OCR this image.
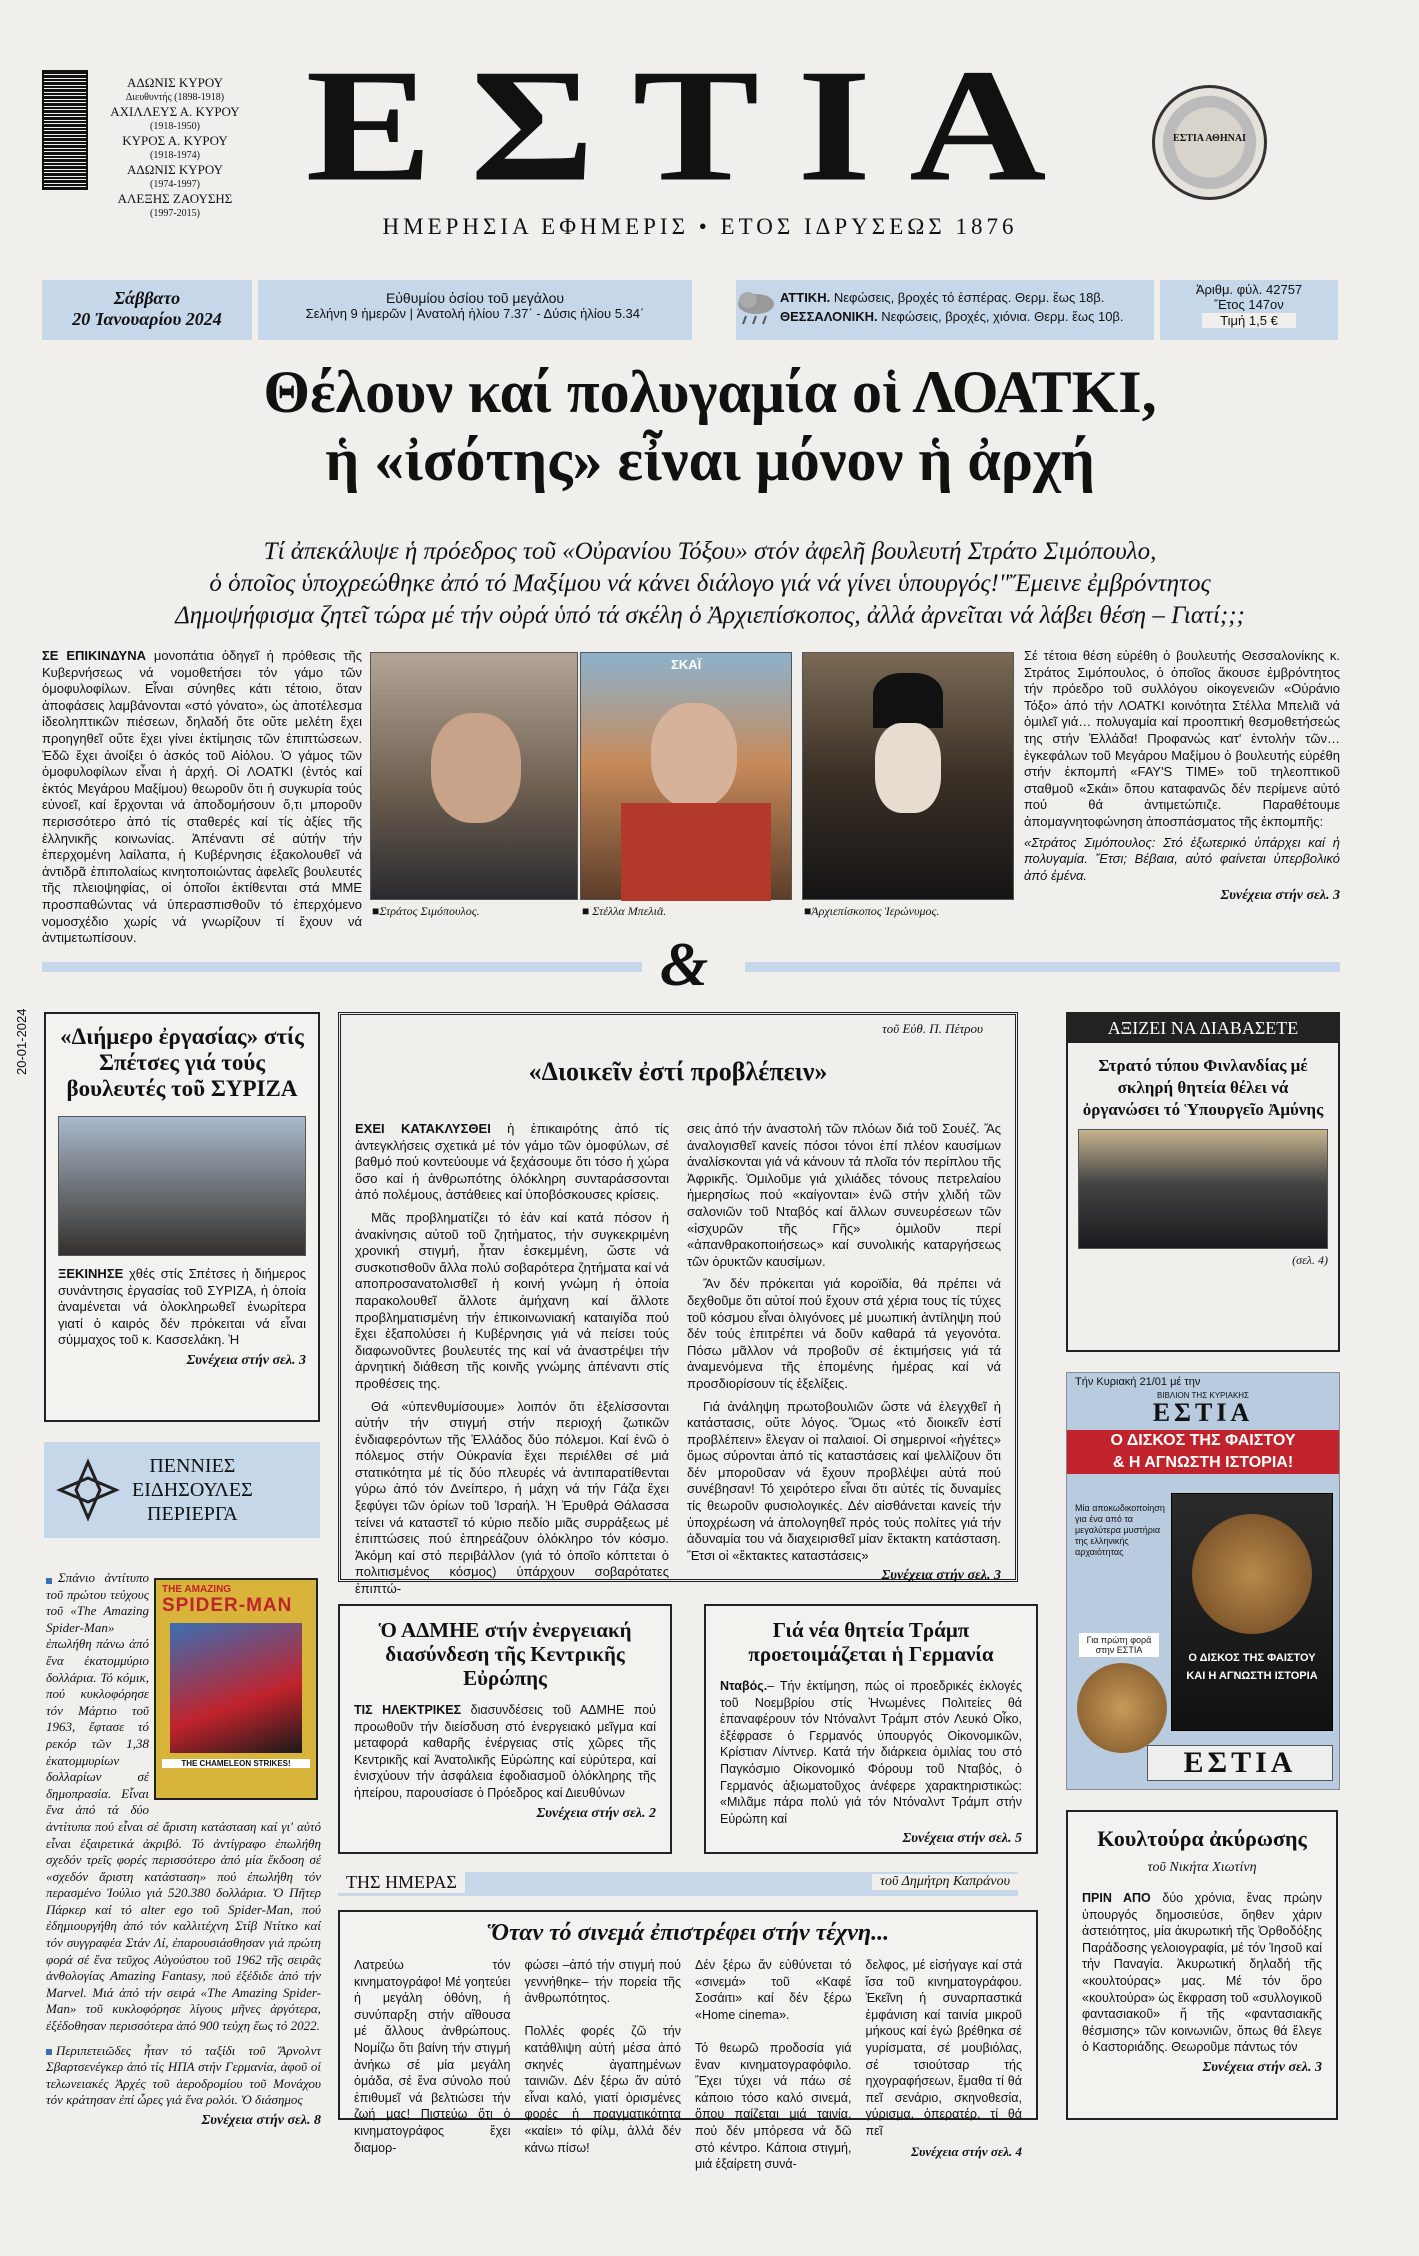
ΑΔΩΝΙΣ ΚΥΡΟΥ
Διευθυντής (1898-1918)
ΑΧΙΛΛΕΥΣ Α. ΚΥΡΟΥ
(1918-1950)
ΚΥΡΟΣ Α. ΚΥΡΟΥ
(1918-1974)
ΑΔΩΝΙΣ ΚΥΡΟΥ
(1974-1997)
ΑΛΕΞΗΣ ΖΑΟΥΣΗΣ
(1997-2015) ΕΣΤΙΑ
ΗΜΕΡΗΣΙΑ ΕΦΗΜΕΡΙΣ • ΕΤΟΣ ΙΔΡΥΣΕΩΣ 1876
ΕΣΤΙΑ ΑΘΗΝΑΙ
20-01-2024
Σάββατο
20 Ἰανουαρίου 2024
Εὐθυμίου ὁσίου τοῦ μεγάλου
Σελήνη 9 ἡμερῶν | Ἀνατολή ἡλίου 7.37΄ - Δύσις ἡλίου 5.34΄
ΑΤΤΙΚΗ. Νεφώσεις, βροχές τό ἑσπέρας. Θερμ. ἕως 18β.
ΘΕΣΣΑΛΟΝΙΚΗ. Νεφώσεις, βροχές, χιόνια. Θερμ. ἕως 10β.
Ἀριθμ. φύλ. 42757
Ἔτος 147ον
Τιμή 1,5 €
Θέλουν καί πολυγαμία οἱ ΛΟΑΤΚΙ,
ἡ «ἰσότης» εἶναι μόνον ἡ ἀρχή
Τί ἀπεκάλυψε ἡ πρόεδρος τοῦ «Οὐρανίου Τόξου» στόν ἀφελῆ βουλευτή Στράτο Σιμόπουλο,
ὁ ὁποῖος ὑποχρεώθηκε ἀπό τό Μαξίμου νά κάνει διάλογο γιά νά γίνει ὑπουργός!"Ἔμεινε ἐμβρόντητος
Δημοψήφισμα ζητεῖ τώρα μέ τήν οὐρά ὑπό τά σκέλη ὁ Ἀρχιεπίσκοπος, ἀλλά ἀρνεῖται νά λάβει θέση – Γιατί;;;
ΣΕ ΕΠΙΚΙΝΔΥΝΑ μονοπάτια ὁδηγεῖ ἡ πρόθεσις τῆς Κυβερνήσεως νά νομοθετήσει τόν γάμο τῶν ὁμοφυλοφίλων. Εἶναι σύνηθες κάτι τέτοιο, ὅταν ἀποφάσεις λαμβάνονται «στό γόνατο», ὡς ἀποτέλεσμα ἰδεοληπτικῶν πιέσεων, δηλαδή ὅτε οὔτε μελέτη ἔχει προηγηθεῖ οὔτε ἔχει γίνει ἐκτίμησις τῶν ἐπιπτώσεων. Ἐδῶ ἔχει ἀνοίξει ὁ ἀσκός τοῦ Αἰόλου. Ὁ γάμος τῶν ὁμοφυλοφίλων εἶναι ἡ ἀρχή. Οἱ ΛΟΑΤΚΙ (ἐντός καί ἐκτός Μεγάρου Μαξίμου) θεωροῦν ὅτι ἡ συγκυρία τούς εὐνοεῖ, καί ἔρχονται νά ἀποδομήσουν ὅ,τι μποροῦν περισσότερο ἀπό τίς σταθερές καί τίς ἀξίες τῆς ἑλληνικῆς κοινωνίας. Ἀπέναντι σέ αὐτήν τήν ἐπερχομένη λαίλαπα, ἡ Κυβέρνησις ἐξακολουθεῖ νά ἀντιδρᾶ ἐπιπολαίως κινητοποιώντας ἀφελεῖς βουλευτές τῆς πλειοψηφίας, οἱ ὁποῖοι ἐκτίθενται στά ΜΜΕ προσπαθώντας νά ὑπερασπισθοῦν τό ἐπερχόμενο νομοσχέδιο χωρίς νά γνωρίζουν τί ἔχουν νά ἀντιμετωπίσουν.
ΣΚΑΪ
■Στράτος Σιμόπουλος.	■ Στέλλα Μπελιᾶ.	■Ἀρχιεπίσκοπος Ἱερώνυμος.
Σέ τέτοια θέση εὑρέθη ὁ βουλευτής Θεσσαλονίκης κ. Στράτος Σιμόπουλος, ὁ ὁποῖος ἄκουσε ἐμβρόντητος τήν πρόεδρο τοῦ συλλόγου οἰκογενειῶν «Οὐράνιο Τόξο» ἀπό τήν ΛΟΑΤΚΙ κοινότητα Στέλλα Μπελιᾶ νά ὁμιλεῖ γιά… πολυγαμία καί προοπτική θεσμοθετήσεώς της στήν Ἑλλάδα! Προφανώς κατ' ἐντολήν τῶν… ἐγκεφάλων τοῦ Μεγάρου Μαξίμου ὁ βουλευτής εὑρέθη στήν ἐκπομπή «FAY'S TIME» τοῦ τηλεοπτικοῦ σταθμοῦ «Σκάι» ὅπου καταφανῶς δέν περίμενε αὐτό πού θά ἀντιμετώπιζε. Παραθέτουμε ἀπομαγνητοφώνηση ἀποσπάσματος τῆς ἐκπομπῆς:
«Στράτος Σιμόπουλος: Στό ἐξωτερικό ὑπάρχει καί ἡ πολυγαμία. Ἔτσι; Βέβαια, αὐτό φαίνεται ὑπερβολικό ἀπό ἐμένα.
Συνέχεια στήν σελ. 3
&
«Διήμερο ἐργασίας» στίς Σπέτσες γιά τούς βουλευτές τοῦ ΣΥΡΙΖΑ
ΞΕΚΙΝΗΣΕ χθές στίς Σπέτσες ἡ διήμερος συνάντησις ἐργασίας τοῦ ΣΥΡΙΖΑ, ἡ ὁποία ἀναμένεται νά ὁλοκληρωθεῖ ἐνωρίτερα γιατί ὁ καιρός δέν πρόκειται νά εἶναι σύμμαχος τοῦ κ. Κασσελάκη. Ἡ
Συνέχεια στήν σελ. 3
τοῦ Εὐθ. Π. Πέτρου
«Διοικεῖν ἐστί προβλέπειν»
ΕΧΕΙ ΚΑΤΑΚΛΥΣΘΕΙ ἡ ἐπικαιρότης ἀπό τίς ἀντεγκλήσεις σχετικά μέ τόν γάμο τῶν ὁμοφύλων, σέ βαθμό πού κοντεύουμε νά ξεχάσουμε ὅτι τόσο ἡ χώρα ὅσο καί ἡ ἀνθρωπότης ὁλόκληρη συνταράσσονται ἀπό πολέμους, ἀστάθειες καί ὑποβόσκουσες κρίσεις.
Μᾶς προβληματίζει τό ἐάν καί κατά πόσον ἡ ἀνακίνησις αὐτοῦ τοῦ ζητήματος, τήν συγκεκριμένη χρονική στιγμή, ἦταν ἐσκεμμένη, ὥστε νά συσκοτισθοῦν ἄλλα πολύ σοβαρότερα ζητήματα καί νά αποπροσανατολισθεῖ ἡ κοινή γνώμη ἡ ὁποία παρακολουθεῖ ἄλλοτε ἀμήχανη καί ἄλλοτε προβληματισμένη τήν ἐπικοινωνιακή καταιγίδα πού ἔχει ἐξαπολύσει ἡ Κυβέρνησις γιά νά πείσει τούς διαφωνοῦντες βουλευτές της καί νά ἀναστρέψει τήν ἀρνητική διάθεση τῆς κοινῆς γνώμης ἀπέναντι στίς προθέσεις της.
Θά «ὑπενθυμίσουμε» λοιπόν ὅτι ἐξελίσσονται αὐτήν τήν στιγμή στήν περιοχή ζωτικῶν ἐνδιαφερόντων τῆς Ἑλλάδος δύο πόλεμοι. Καί ἐνῶ ὁ πόλεμος στήν Οὐκρανία ἔχει περιέλθει σέ μιά στατικότητα μέ τίς δύο πλευρές νά ἀντιπαρατίθενται γύρω ἀπό τόν Δνείπερο, ἡ μάχη νά τήν Γάζα ἔχει ξεφύγει τῶν ὁρίων τοῦ Ἰσραήλ. Ἡ Ἐρυθρά Θάλασσα τείνει νά καταστεῖ τό κύριο πεδίο μιᾶς συρράξεως μέ ἐπιπτώσεις πού ἐπηρεάζουν ὁλόκληρο τόν κόσμο. Ἀκόμη καί στό περιβάλλον (γιά τό ὁποῖο κόπτεται ὁ πολιτισμένος κόσμος) ὑπάρχουν σοβαρότατες ἐπιπτώ-
σεις ἀπό τήν ἀναστολή τῶν πλόων διά τοῦ Σουέζ. Ἄς ἀναλογισθεῖ κανείς πόσοι τόνοι ἐπί πλέον καυσίμων ἀναλίσκονται γιά νά κάνουν τά πλοῖα τόν περίπλου τῆς Ἀφρικῆς. Ὁμιλοῦμε γιά χιλιάδες τόνους πετρελαίου ἡμερησίως πού «καίγονται» ἐνῶ στήν χλιδή τῶν σαλονιῶν τοῦ Νταβός καί ἄλλων συνευρέσεων τῶν «ἰσχυρῶν τῆς Γῆς» ὁμιλοῦν περί «ἀπανθρακοποιήσεως» καί συνολικής καταργήσεως τῶν ὀρυκτῶν καυσίμων.
Ἄν δέν πρόκειται γιά κοροϊδία, θά πρέπει νά δεχθοῦμε ὅτι αὐτοί πού ἔχουν στά χέρια τους τίς τύχες τοῦ κόσμου εἶναι ὀλιγόνοες μέ μυωπική ἀντίληψη πού δέν τούς ἐπιτρέπει νά δοῦν καθαρά τά γεγονότα. Πόσω μᾶλλον νά προβοῦν σέ ἐκτιμήσεις γιά τά ἀναμενόμενα τῆς ἐπομένης ἡμέρας καί νά προσδιορίσουν τίς ἐξελίξεις.
Γιά ἀνάληψη πρωτοβουλιῶν ὥστε νά ἐλεγχθεῖ ἡ κατάστασις, οὔτε λόγος. Ὅμως «τό διοικεῖν ἐστί προβλέπειν» ἔλεγαν οἱ παλαιοί. Οἱ σημερινοί «ἡγέτες» ὅμως σύρονται ἀπό τίς καταστάσεις καί ψελλίζουν ὅτι δέν μποροῦσαν νά ἔχουν προβλέψει αὐτά πού συνέβησαν! Τό χειρότερο εἶναι ὅτι αὐτές τίς δυναμίες τίς θεωροῦν φυσιολογικές. Δέν αἰσθάνεται κανείς τήν ὑποχρέωση νά ἀπολογηθεῖ πρός τούς πολίτες γιά τήν ἀδυναμία του νά διαχειρισθεῖ μίαν ἔκτακτη κατάσταση. Ἔτσι οἱ «ἔκτακτες καταστάσεις»
Συνέχεια στήν σελ. 3
ΑΞΙΖΕΙ ΝΑ ΔΙΑΒΑΣΕΤΕ
Στρατό τύπου Φινλανδίας μέ σκληρή θητεία θέλει νά ὀργανώσει τό Ὑπουργεῖο Ἀμύνης
(σελ. 4)
Τήν Κυριακή 21/01 μέ την
ΒΙΒΛΙΟΝ ΤΗΣ ΚΥΡΙΑΚΗΣ
ΕΣΤΙΑ
Ο ΔΙΣΚΟΣ ΤΗΣ ΦΑΙΣΤΟΥ
& Η ΑΓΝΩΣΤΗ ΙΣΤΟΡΙΑ!
Μία αποκωδικοποίηση για ένα από τα μεγαλύτερα μυστήρια της ελληνικής αρχαιότητας
Ο ΔΙΣΚΟΣ ΤΗΣ ΦΑΙΣΤΟΥ
ΚΑΙ Η ΑΓΝΩΣΤΗ ΙΣΤΟΡΙΑ
Για πρώτη φορά στην ΕΣΤΙΑ
ΕΣΤΙΑ
ΠΕΝΝΙΕΣ
ΕΙΔΗΣΟΥΛΕΣ
ΠΕΡΙΕΡΓΑ
THE AMAZING
SPIDER-MAN
THE CHAMELEON STRIKES!
Σπάνιο ἀντίτυπο τοῦ πρώτου τεύχους τοῦ «The Amazing Spider-Man» ἐπωλήθη πάνω ἀπό ἕνα ἑκατομμύριο δολλάρια. Τό κόμικ, πού κυκλοφόρησε τόν Μάρτιο τοῦ 1963, ἔφτασε τό ρεκόρ τῶν 1,38 ἑκατομμυρίων δολλαρίων σέ δημοπρασία. Εἶναι ἕνα ἀπό τά δύο ἀντίτυπα πού εἶναι σέ ἄριστη κατάσταση καί γι' αὐτό εἶναι ἐξαιρετικά ἀκριβό. Τό ἀντίγραφο ἐπωλήθη σχεδόν τρεῖς φορές περισσότερο ἀπό μία ἔκδοση σέ «σχεδόν ἄριστη κατάσταση» πού ἐπωλήθη τόν περασμένο Ἰούλιο γιά 520.380 δολλάρια. Ὁ Πῆτερ Πάρκερ καί τό alter ego τοῦ Spider-Man, πού ἐδημιουργήθη ἀπό τόν καλλιτέχνη Στίβ Ντίτκο καί τόν συγγραφέα Στάν Λί, ἐπαρουσιάσθησαν γιά πρώτη φορά σέ ἕνα τεῦχος Αὐγούστου τοῦ 1962 τῆς σειρᾶς ἀνθολογίας Amazing Fantasy, πού ἐξέδιδε ἀπό τήν Marvel. Μιά ἀπό τήν σειρά «The Amazing Spider-Man» τοῦ κυκλοφόρησε λίγους μῆνες ἀργότερα, ἐξέδοθησαν περισσότερα ἀπό 900 τεύχη ἕως τό 2022.
Περιπετειῶδες ἦταν τό ταξίδι τοῦ Ἄρνολντ Σβαρτσενέγκερ ἀπό τίς ΗΠΑ στήν Γερμανία, ἀφοῦ οἱ τελωνειακές Ἀρχές τοῦ ἀεροδρομίου τοῦ Μονάχου τόν κράτησαν ἐπί ὧρες γιά ἕνα ρολόι. Ὁ διάσημος
Συνέχεια στήν σελ. 8
Ὁ ΑΔΜΗΕ στήν ἐνεργειακή διασύνδεση τῆς Κεντρικῆς Εὐρώπης
ΤΙΣ ΗΛΕΚΤΡΙΚΕΣ διασυνδέσεις τοῦ ΑΔΜΗΕ πού προωθοῦν τήν διείσδυση στό ἐνεργειακό μεῖγμα καί μεταφορά καθαρῆς ἐνέργειας στίς χῶρες τῆς Κεντρικῆς καί Ἀνατολικῆς Εὐρώπης καί εὐρύτερα, καί ἐνισχύουν τήν ἀσφάλεια ἐφοδιασμοῦ ὁλόκληρης τῆς ἠπείρου, παρουσίασε ὁ Πρόεδρος καί Διευθύνων
Συνέχεια στήν σελ. 2
Γιά νέα θητεία Τράμπ προετοιμάζεται ἡ Γερμανία
Νταβός.– Τήν ἐκτίμηση, πώς οἱ προεδρικές ἐκλογές τοῦ Νοεμβρίου στίς Ἡνωμένες Πολιτείες θά ἐπαναφέρουν τόν Ντόναλντ Τράμπ στόν Λευκό Οἶκο, ἐξέφρασε ὁ Γερμανός ὑπουργός Οἰκονομικῶν, Κρίστιαν Λίντνερ. Κατά τήν διάρκεια ὁμιλίας του στό Παγκόσμιο Οἰκονομικό Φόρουμ τοῦ Νταβός, ὁ Γερμανός ἀξιωματοῦχος ἀνέφερε χαρακτηριστικώς: «Μιλᾶμε πάρα πολύ γιά τόν Ντόναλντ Τράμπ στήν Εὐρώπη καί
Συνέχεια στήν σελ. 5
ΤΗΣ ΗΜΕΡΑΣ	τοῦ Δημήτρη Καπράνου
Ὅταν τό σινεμά ἐπιστρέφει στήν τέχνη...
Λατρεύω τόν κινηματογράφο! Μέ γοητεύει ἡ μεγάλη ὀθόνη, ἡ συνύπαρξη στήν αἴθουσα μέ ἄλλους ἀνθρώπους. Νομίζω ὅτι βαίνη τήν στιγμή ἀνήκω σέ μία μεγάλη ὁμάδα, σέ ἕνα σύνολο πού ἐπιθυμεῖ νά βελτιώσει τήν ζωή μας! Πιστεύω ὅτι ὁ κινηματογράφος ἔχει διαμορ-
φώσει –ἀπό τήν στιγμή πού γεννήθηκε– τήν πορεία τῆς ἀνθρωπότητος.

Πολλές φορές ζῶ τήν κατάθλιψη αὐτή μέσα ἀπό σκηνές ἀγαπημένων ταινιῶν. Δέν ξέρω ἄν αὐτό εἶναι καλό, γιατί ὁρισμένες φορές ἡ πραγματικότητα «καίει» τό φίλμ, ἀλλά δέν κάνω πίσω!
Δέν ξέρω ἄν εὐθύνεται τό «σινεμά» τοῦ «Καφέ Σοσάιτι» καί δέν ξέρω «Home cinema».

Τό θεωρῶ προδοσία γιά ἕναν κινηματογραφόφιλο. Ἔχει τύχει νά πάω σέ κάποιο τόσο καλό σινεμά, ὅπου παίζεται μιά ταινία, πού δέν μπόρεσα νά δῶ στό κέντρο. Κάποια στιγμή, μιά ἐξαίρετη συνά-
δελφος, μέ εἰσήγαγε καί στά ἴσα τοῦ κινηματογράφου. Ἐκεῖνη ἡ συναρπαστικά ἐμφάνιση καί ταινία μικροῦ μήκους καί ἐγώ βρέθηκα σέ γυρίσματα, σέ μουβιόλας, σέ τσιούτσαρ τής ηχογραφήσεων, ἔμαθα τί θά πεῖ σενάριο, σκηνοθεσία, γύρισμα, ὀπερατέρ, τί θά πεῖ
Συνέχεια στήν σελ. 4
Κουλτούρα ἀκύρωσης
τοῦ Νικήτα Χιωτίνη
ΠΡΙΝ ΑΠΟ δύο χρόνια, ἕνας πρώην ὑπουργός δημοσιεύσε, ὅηθεν χάριν ἀστειότητος, μία ἀκυρωτική τῆς Ὀρθοδόξης Παράδοσης γελοιογραφία, μέ τόν Ἰησοῦ καί τήν Παναγία. Ἀκυρωτική δηλαδή τῆς «κουλτούρας» μας. Μέ τόν ὅρο «κουλτούρα» ὡς ἔκφραση τοῦ «συλλογικοῦ φαντασιακοῦ» ἤ τῆς «φαντασιακῆς θέσμισης» τῶν κοινωνιῶν, ὅπως θά ἔλεγε ὁ Καστοριάδης. Θεωροῦμε πάντως τόν
Συνέχεια στήν σελ. 3
